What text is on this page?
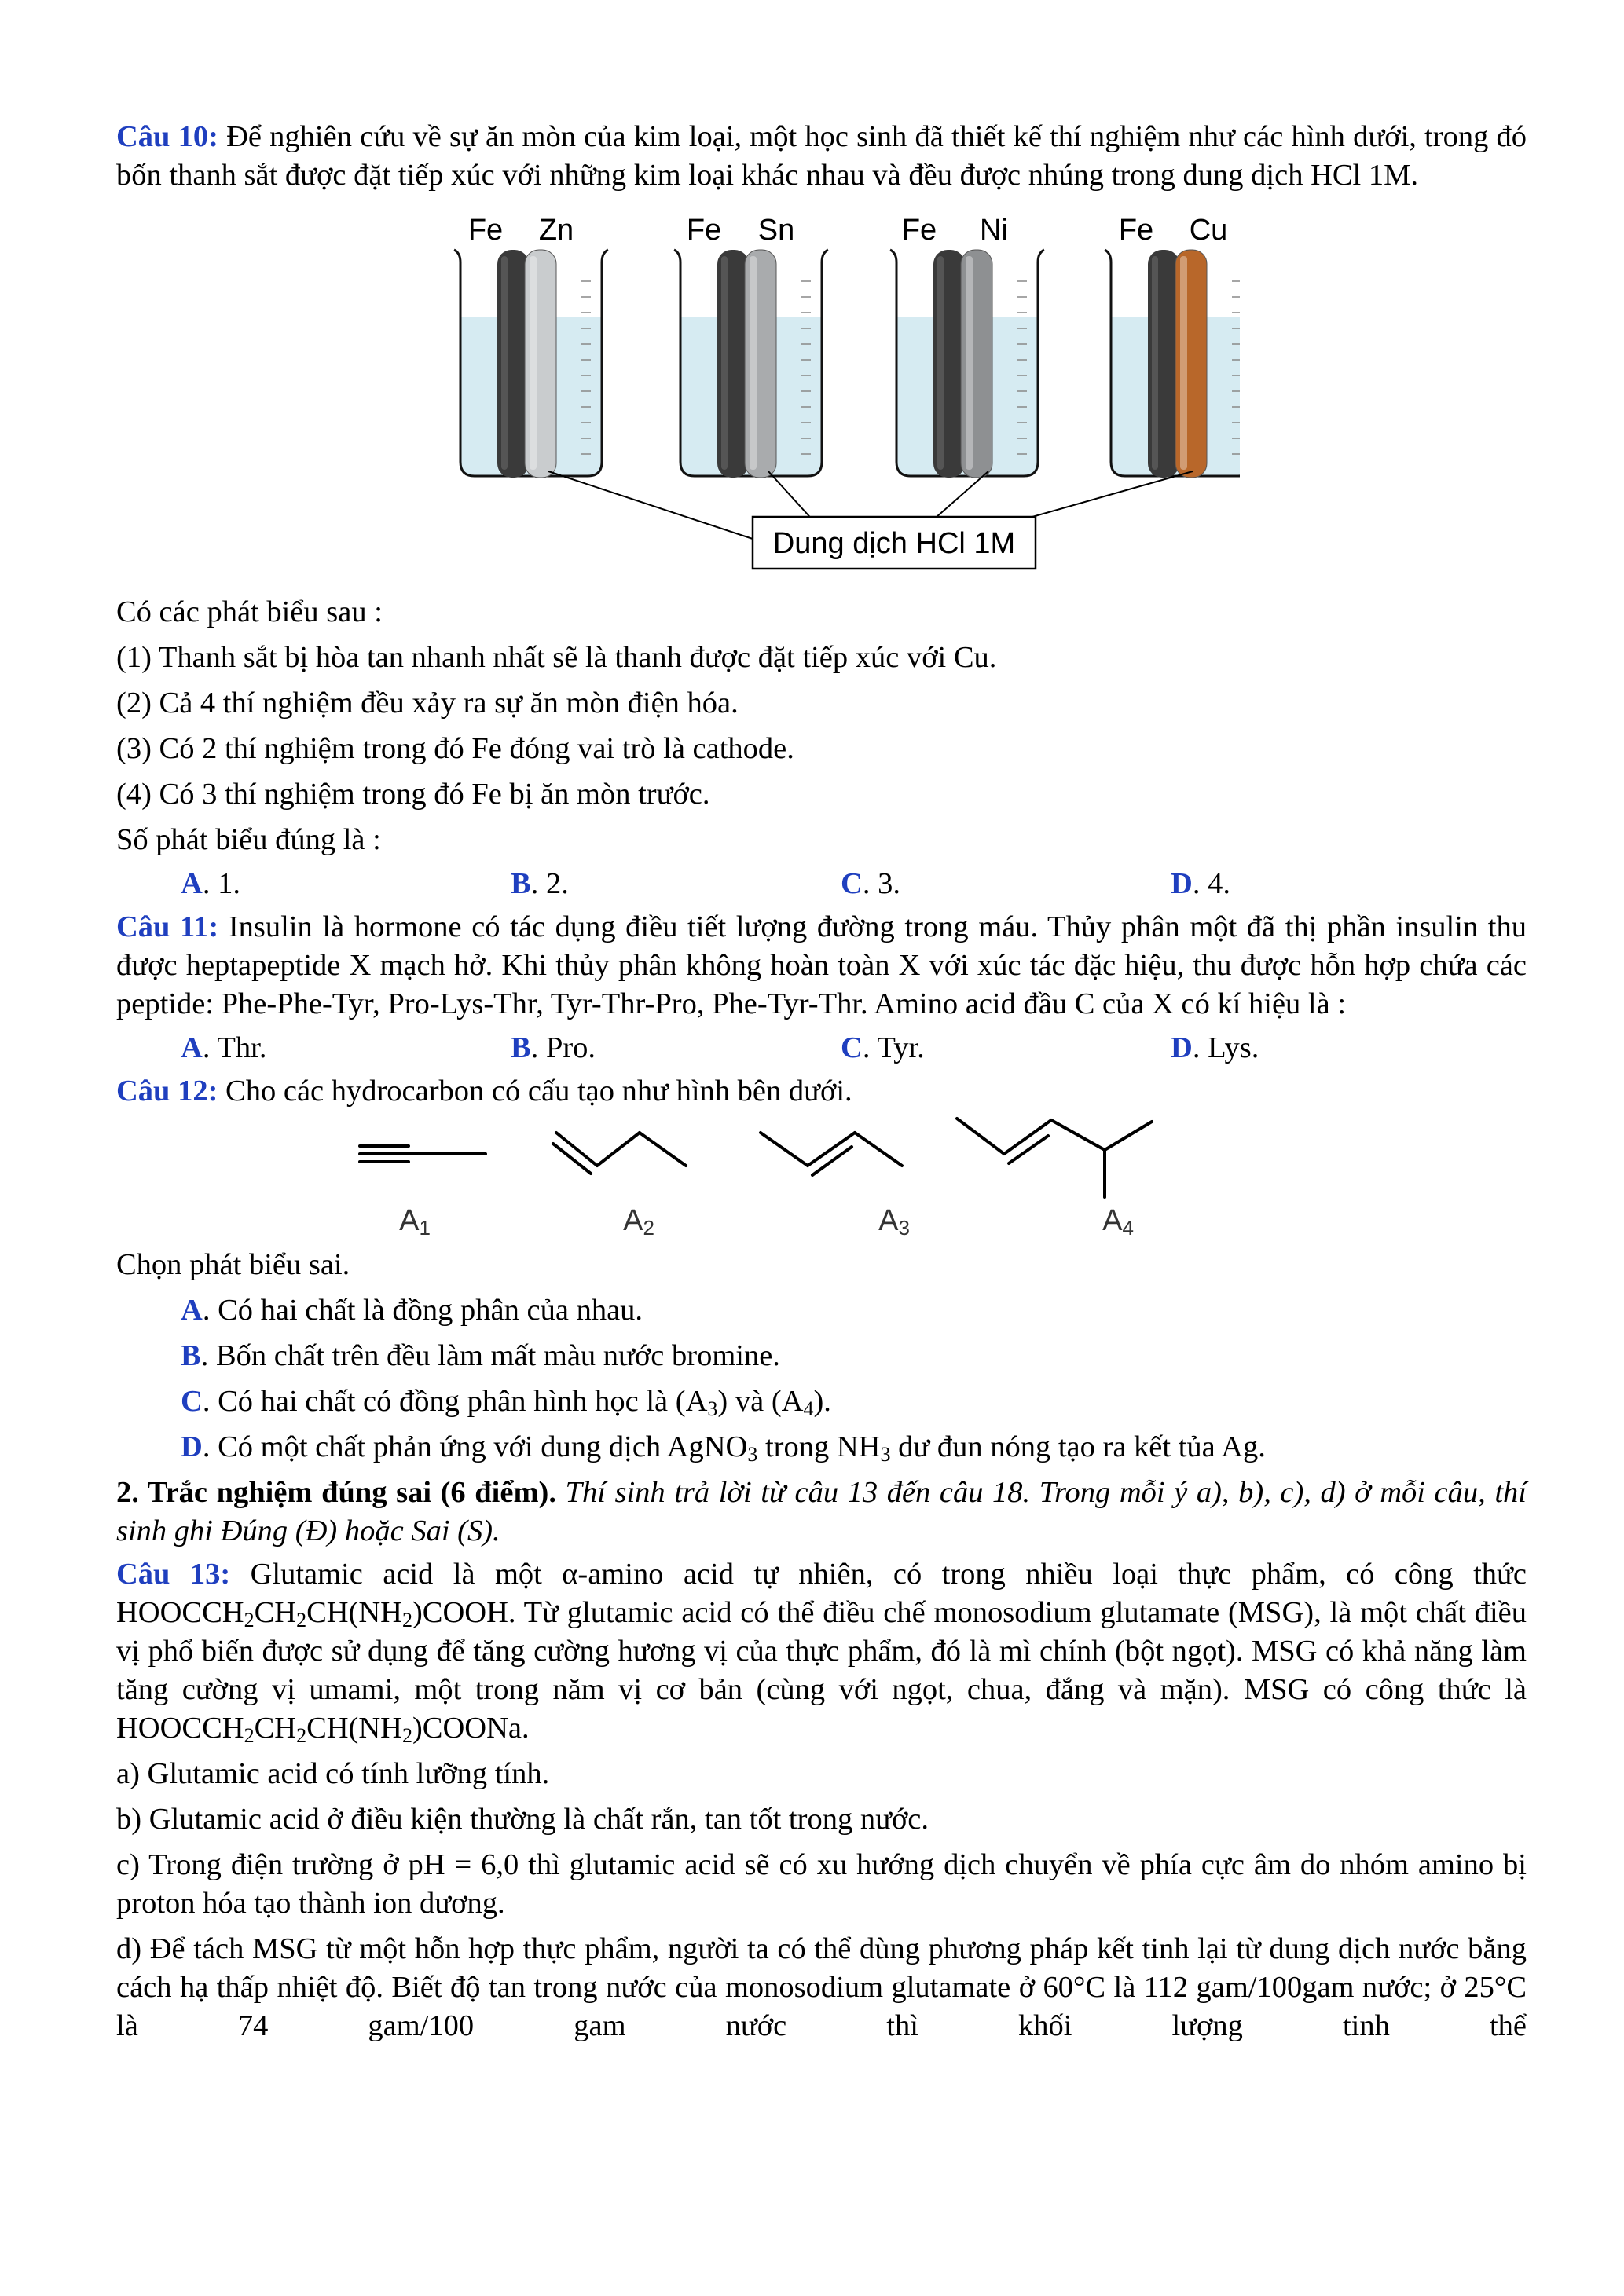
Câu 10: Để nghiên cứu về sự ăn mòn của kim loại, một học sinh đã thiết kế thí nghiệm như các hình dưới, trong đó bốn thanh sắt được đặt tiếp xúc với những kim loại khác nhau và đều được nhúng trong dung dịch HCl 1M.

Fe Zn	Fe Sn	Fe Ni	Fe Cu
Dung dịch HCl 1M

Có các phát biểu sau :

(1) Thanh sắt bị hòa tan nhanh nhất sẽ là thanh được đặt tiếp xúc với Cu.

(2) Cả 4 thí nghiệm đều xảy ra sự ăn mòn điện hóa.

(3) Có 2 thí nghiệm trong đó Fe đóng vai trò là cathode.

(4) Có 3 thí nghiệm trong đó Fe bị ăn mòn trước.

Số phát biểu đúng là :

A. 1.	B. 2.	C. 3.	D. 4.

Câu 11: Insulin là hormone có tác dụng điều tiết lượng đường trong máu. Thủy phân một đã thị phần insulin thu được heptapeptide X mạch hở. Khi thủy phân không hoàn toàn X với xúc tác đặc hiệu, thu được hỗn hợp chứa các peptide: Phe-Phe-Tyr, Pro-Lys-Thr, Tyr-Thr-Pro, Phe-Tyr-Thr. Amino acid đầu C của X có kí hiệu là :

A. Thr.	B. Pro.	C. Tyr.	D. Lys.

Câu 12: Cho các hydrocarbon có cấu tạo như hình bên dưới.

A1	A2	A3	A4

Chọn phát biểu sai.

A. Có hai chất là đồng phân của nhau.

B. Bốn chất trên đều làm mất màu nước bromine.

C. Có hai chất có đồng phân hình học là $(A_3)$ và $(A_4)$.

D. Có một chất phản ứng với dung dịch AgNO$_3$ trong $NH_3$ dư đun nóng tạo ra kết tủa Ag.

2. Trắc nghiệm đúng sai (6 điểm). Thí sinh trả lời từ câu 13 đến câu 18. Trong mỗi ý a), b), c), d) ở mỗi câu, thí sinh ghi Đúng (Đ) hoặc Sai (S).

Câu 13: Glutamic acid là một α-amino acid tự nhiên, có trong nhiều loại thực phẩm, có công thức $HOOCCH_2CH_2CH(NH_2)COOH$. Từ glutamic acid có thể điều chế monosodium glutamate (MSG), là một chất điều vị phổ biến được sử dụng để tăng cường hương vị của thực phẩm, đó là mì chính (bột ngọt). MSG có khả năng làm tăng cường vị umami, một trong năm vị cơ bản (cùng với ngọt, chua, đắng và mặn). MSG có công thức là $HOOCCH_2CH_2CH(NH_2)COONa$.

a) Glutamic acid có tính lưỡng tính.

b) Glutamic acid ở điều kiện thường là chất rắn, tan tốt trong nước.

c) Trong điện trường ở pH = 6,0 thì glutamic acid sẽ có xu hướng dịch chuyển về phía cực âm do nhóm amino bị proton hóa tạo thành ion dương.

d) Để tách MSG từ một hỗn hợp thực phẩm, người ta có thể dùng phương pháp kết tinh lại từ dung dịch nước bằng cách hạ thấp nhiệt độ. Biết độ tan trong nước của monosodium glutamate ở 60°C là 112 gam/100gam nước; ở 25°C là 74 gam/100 gam nước thì khối lượng tinh thể
